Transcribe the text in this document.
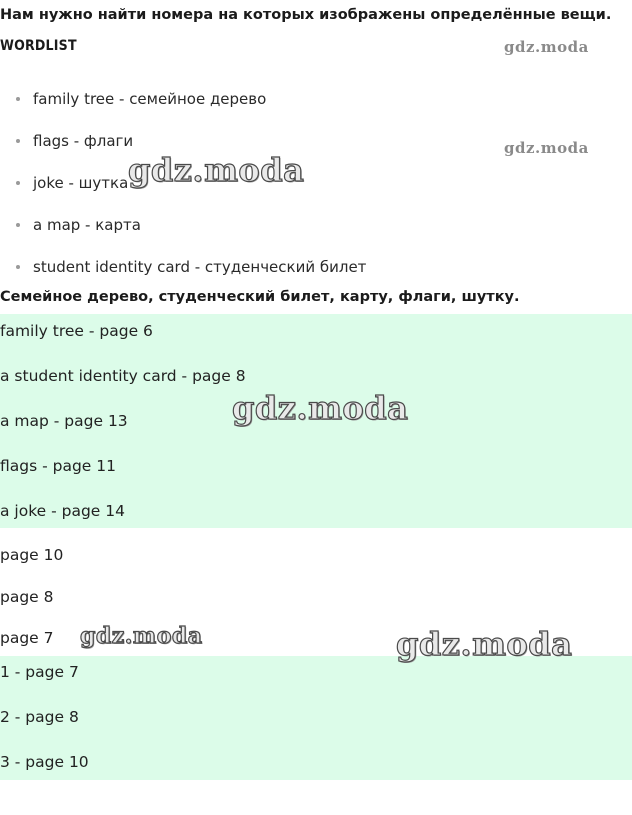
Нам нужно найти номера на которых изображены определённые вещи.
WORDLIST
family tree - семейное дерево
flags - флаги
joke - шутка
a map - карта
student identity card - студенческий билет
Семейное дерево, студенческий билет, карту, флаги, шутку.
family tree - page 6
a student identity card - page 8
a map - page 13
flags - page 11
a joke - page 14
page 10
page 8
page 7
1 - page 7
2 - page 8
3 - page 10
gdz.moda
gdz.moda
gdz.moda
gdz.moda
gdz.moda	gdz.moda
